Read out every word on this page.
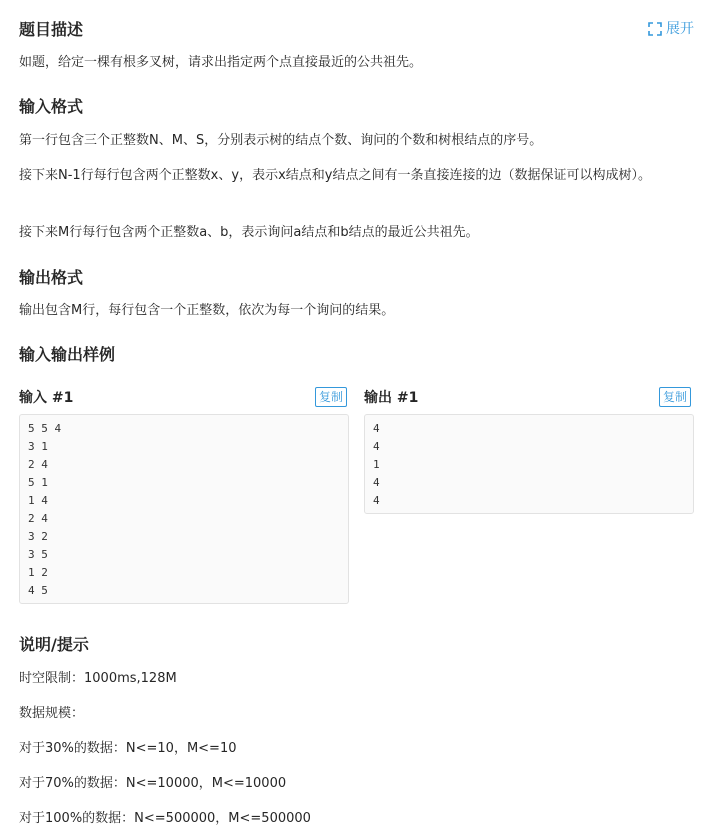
题目描述
如题，给定一棵有根多叉树，请求出指定两个点直接最近的公共祖先。
输入格式
第一行包含三个正整数N、M、S，分别表示树的结点个数、询问的个数和树根结点的序号。
接下来N-1行每行包含两个正整数x、y，表示x结点和y结点之间有一条直接连接的边（数据保证可以构成树）。
接下来M行每行包含两个正整数a、b，表示询问a结点和b结点的最近公共祖先。
输出格式
输出包含M行，每行包含一个正整数，依次为每一个询问的结果。
输入输出样例
输入 #1	复制
5 5 4
3 1
2 4
5 1
1 4
2 4
3 2
3 5
1 2
4 5
输出 #1	复制
4
4
1
4
4
说明/提示
时空限制：1000ms,128M
数据规模：
对于30%的数据：N<=10，M<=10
对于70%的数据：N<=10000，M<=10000
对于100%的数据：N<=500000，M<=500000
展开
